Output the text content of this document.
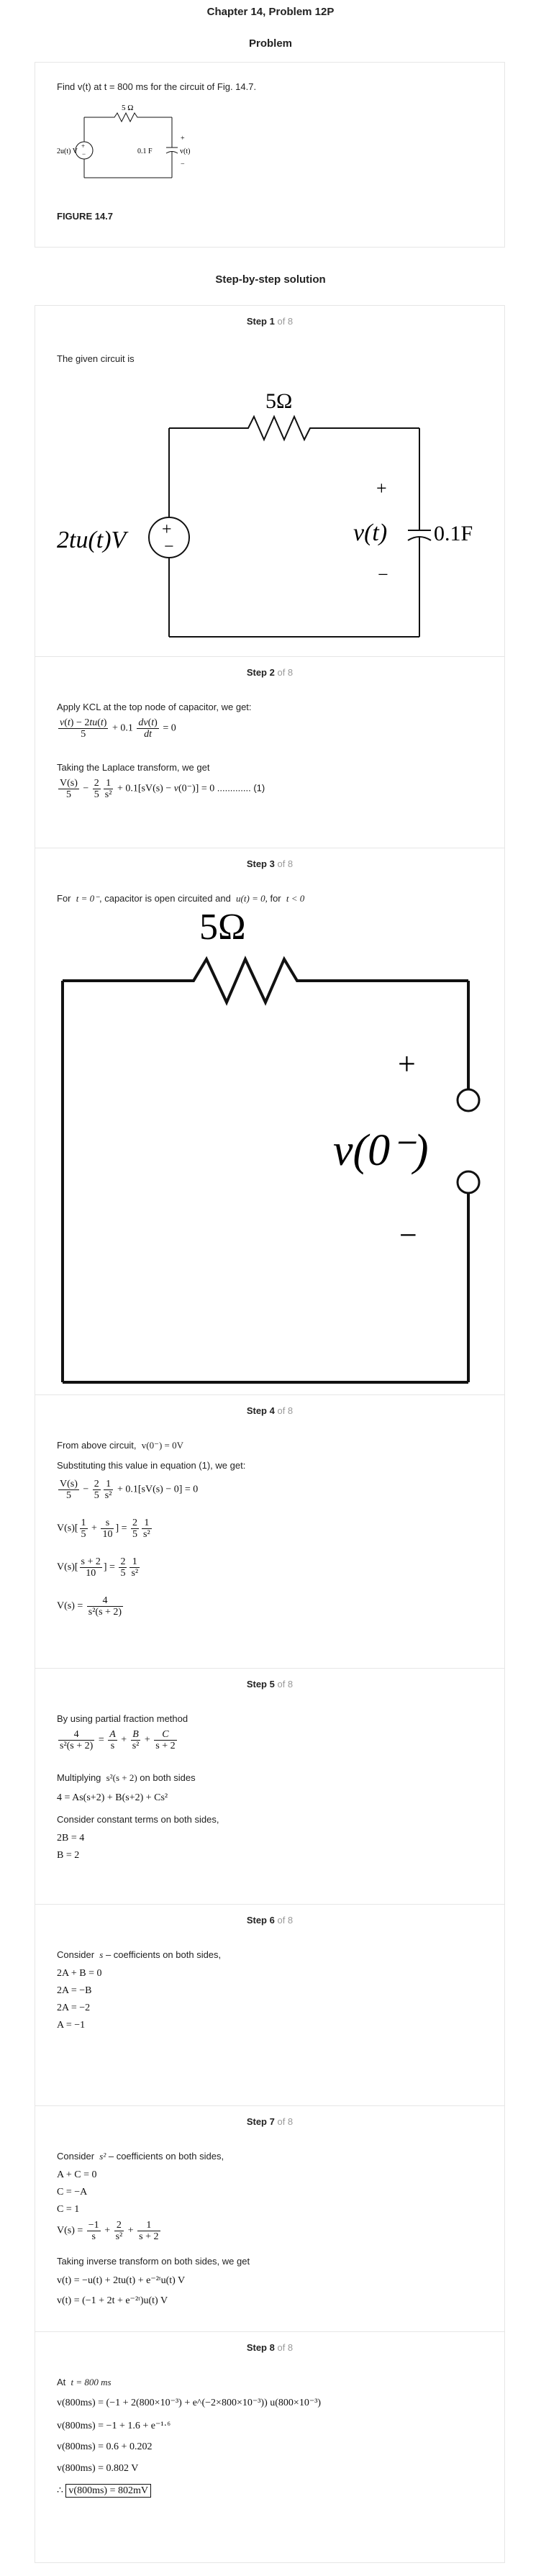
Chapter 14, Problem 12P
Problem
Find v(t) at t = 800 ms for the circuit of Fig. 14.7.
5 Ω
+
−
2u(t) V	0.1 F	v(t)
+
−
FIGURE 14.7
Step-by-step solution
Step 1 of 8
The given circuit is
5Ω
+
−
2tu(t)V	v(t) 0.1F
+
−
Step 2 of 8
Apply KCL at the top node of capacitor, we get:
$\frac{v(t) - 2tu(t)}{5} + 0.1 \frac{dv(t)}{dt} = 0$
Taking the Laplace transform, we get
$\frac{V(s)}{5} - \frac{2}{5} \frac{1}{\text{s²}} + 0.1[sV(s) - v(0^-)] = 0$ ............. (1)
Step 3 of 8
For t = 0⁻, capacitor is open circuited and u(t) = 0, for t < 0
5Ω
+
v(0⁻)
−
Step 4 of 8
From above circuit, v(0⁻) = 0V
Substituting this value in equation (1), we get:
$\frac{V(s)}{5} - \frac{2}{5} \frac{1}{\text{s²}} + 0.1[sV(s) - 0] = 0$
$V(s)[ \frac{1}{5} + \frac{s}{10}$ ] = $\frac{2}{5} \frac{1}{\text{s²}}$
$V(s)[ \frac{s + 2}{10}$ ] = $\frac{2}{5} \frac{1}{\text{s²}}$
$V(s) = \frac{4}{\text{s²(s + 2)}}$
Step 5 of 8
By using partial fraction method
$\frac{4}{\text{s²(s + 2)}} = \frac{A}{s} + \frac{B}{\text{s²}} + \frac{C}{s + 2}$
Multiplying s²(s + 2) on both sides
4 = As(s+2) + B(s+2) + Cs²
Consider constant terms on both sides,
2B = 4
B = 2
Step 6 of 8
Consider s – coefficients on both sides,
2A + B = 0
2A = −B
2A = −2
A = −1
Step 7 of 8
Consider s² – coefficients on both sides,
A + C = 0
C = −A
C = 1
$V(s) = \frac{-1}{s} + \frac{2}{\text{s²}} + \frac{1}{s + 2}$
Taking inverse transform on both sides, we get
v(t) = −u(t) + 2tu(t) + e⁻²ᵗu(t) V
v(t) = (−1 + 2t + e⁻²ᵗ)u(t) V
Step 8 of 8
At t = 800 ms
v(800ms) = (−1 + 2(800×10⁻³) + e^(−2×800×10⁻³)) u(800×10⁻³)
v(800ms) = −1 + 1.6 + e⁻¹·⁶
v(800ms) = 0.6 + 0.202
v(800ms) = 0.802 V
∴ v(800ms) = 802mV
